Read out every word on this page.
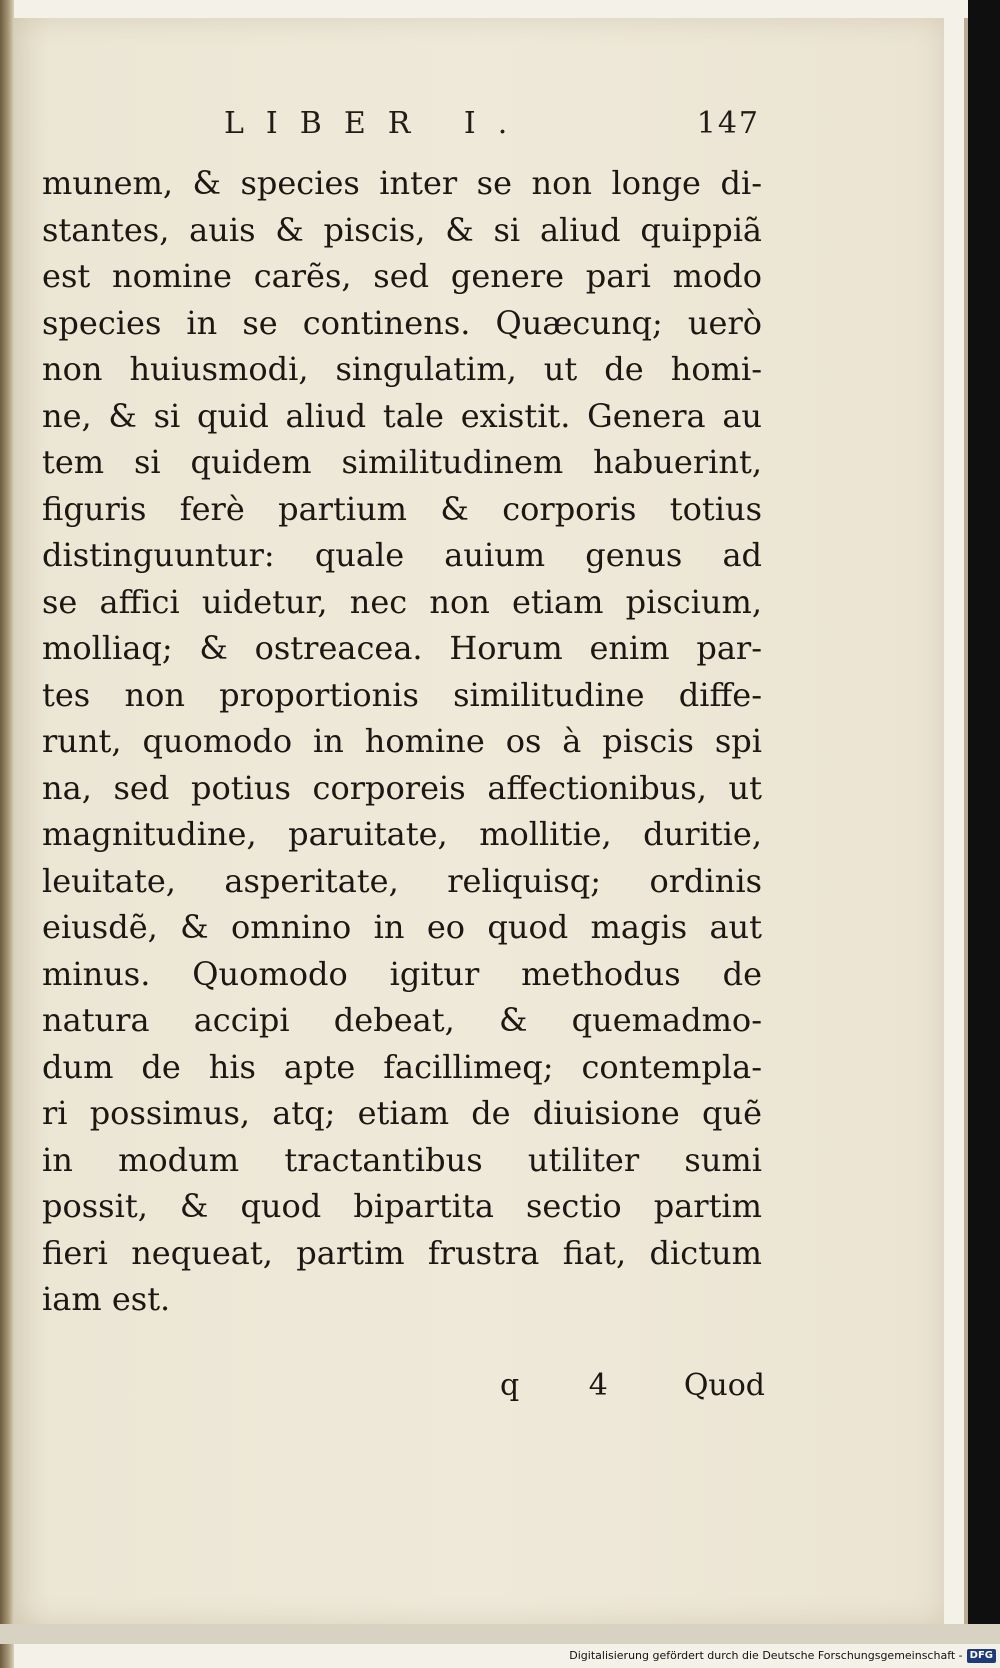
LIBER I.	147
munem, & species inter se non longe di-
stantes, auis & piscis, & si aliud quippiã
est nomine carẽs, sed genere pari modo
species in se continens. Quæcunq; uerò
non huiusmodi, singulatim, ut de homi-
ne, & si quid aliud tale existit. Genera au
tem si quidem similitudinem habuerint,
figuris ferè partium & corporis totius
distinguuntur: quale auium genus ad
se affici uidetur, nec non etiam piscium,
molliaq; & ostreacea. Horum enim par-
tes non proportionis similitudine diffe-
runt, quomodo in homine os à piscis spi
na, sed potius corporeis affectionibus, ut
magnitudine, paruitate, mollitie, duritie,
leuitate, asperitate, reliquisq; ordinis
eiusdẽ, & omnino in eo quod magis aut
minus. Quomodo igitur methodus de
natura accipi debeat, & quemadmo-
dum de his apte facillimeq; contempla-
ri possimus, atq; etiam de diuisione quẽ
in modum tractantibus utiliter sumi
possit, & quod bipartita sectio partim
fieri nequeat, partim frustra fiat, dictum
iam est.
q 4 Quod
Digitalisierung gefördert durch die Deutsche Forschungsgemeinschaft - DFG
